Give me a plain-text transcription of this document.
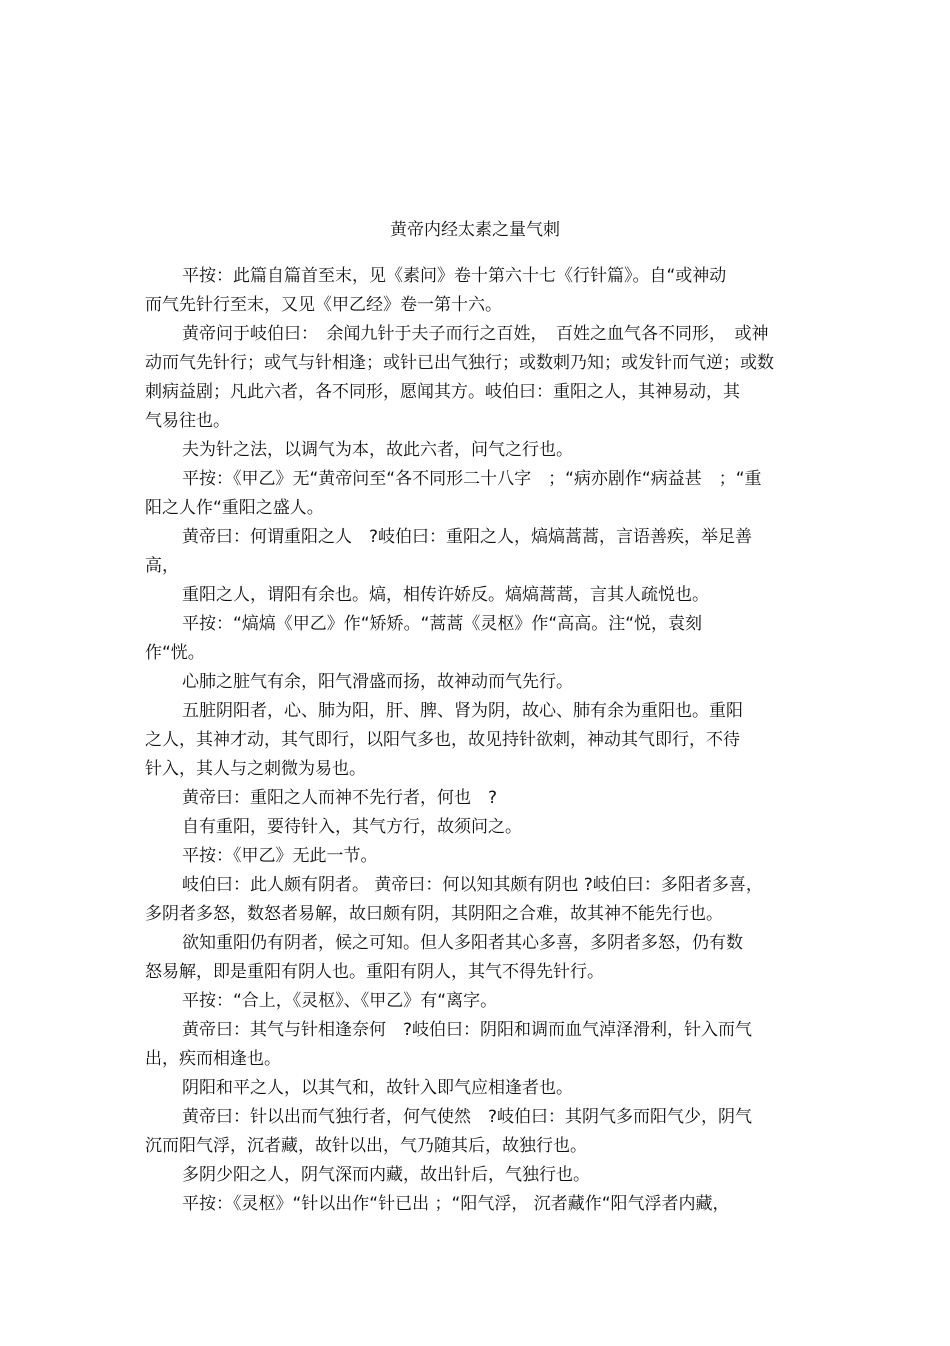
黄帝内经太素之量气刺
平按：此篇自篇首至末，见《素问》卷十第六十七《行针篇》。自“或神动
而气先针行至末，又见《甲乙经》卷一第十六。
黄帝问于岐伯曰：　余闻九针于夫子而行之百姓，　百姓之血气各不同形，　或神
动而气先针行；或气与针相逢；或针已出气独行；或数刺乃知；或发针而气逆；或数
刺病益剧；凡此六者，各不同形，愿闻其方。岐伯曰：重阳之人，其神易动，其
气易往也。
夫为针之法，以调气为本，故此六者，问气之行也。
平按：《甲乙》无“黄帝问至“各不同形二十八字　；“病亦剧作“病益甚　；“重
阳之人作“重阳之盛人。
黄帝曰：何谓重阳之人　?岐伯曰：重阳之人，熇熇蒿蒿，言语善疾，举足善
高，
重阳之人，谓阳有余也。熇，相传许娇反。熇熇蒿蒿，言其人疏悦也。
平按：“熇熇《甲乙》作“矫矫。“蒿蒿《灵枢》作“高高。注“悦，袁刻
作“恍。
心肺之脏气有余，阳气滑盛而扬，故神动而气先行。
五脏阴阳者，心、肺为阳，肝、脾、肾为阴，故心、肺有余为重阳也。重阳
之人，其神才动，其气即行，以阳气多也，故见持针欲刺，神动其气即行，不待
针入，其人与之刺微为易也。
黄帝曰：重阳之人而神不先行者，何也　?
自有重阳，要待针入，其气方行，故须问之。
平按：《甲乙》无此一节。
岐伯曰：此人颇有阴者。 黄帝曰：何以知其颇有阴也 ?岐伯曰：多阳者多喜，
多阴者多怒，数怒者易解，故曰颇有阴，其阴阳之合难，故其神不能先行也。
欲知重阳仍有阴者，候之可知。但人多阳者其心多喜，多阴者多怒，仍有数
怒易解，即是重阳有阴人也。重阳有阴人，其气不得先针行。
平按：“合上，《灵枢》、《甲乙》有“离字。
黄帝曰：其气与针相逢奈何　?岐伯曰：阴阳和调而血气淖泽滑利，针入而气
出，疾而相逢也。
阴阳和平之人，以其气和，故针入即气应相逢者也。
黄帝曰：针以出而气独行者，何气使然　?岐伯曰：其阴气多而阳气少，阴气
沉而阳气浮，沉者藏，故针以出，气乃随其后，故独行也。
多阴少阳之人，阴气深而内藏，故出针后，气独行也。
平按：《灵枢》“针以出作“针已出 ；“阳气浮， 沉者藏作“阳气浮者内藏，
